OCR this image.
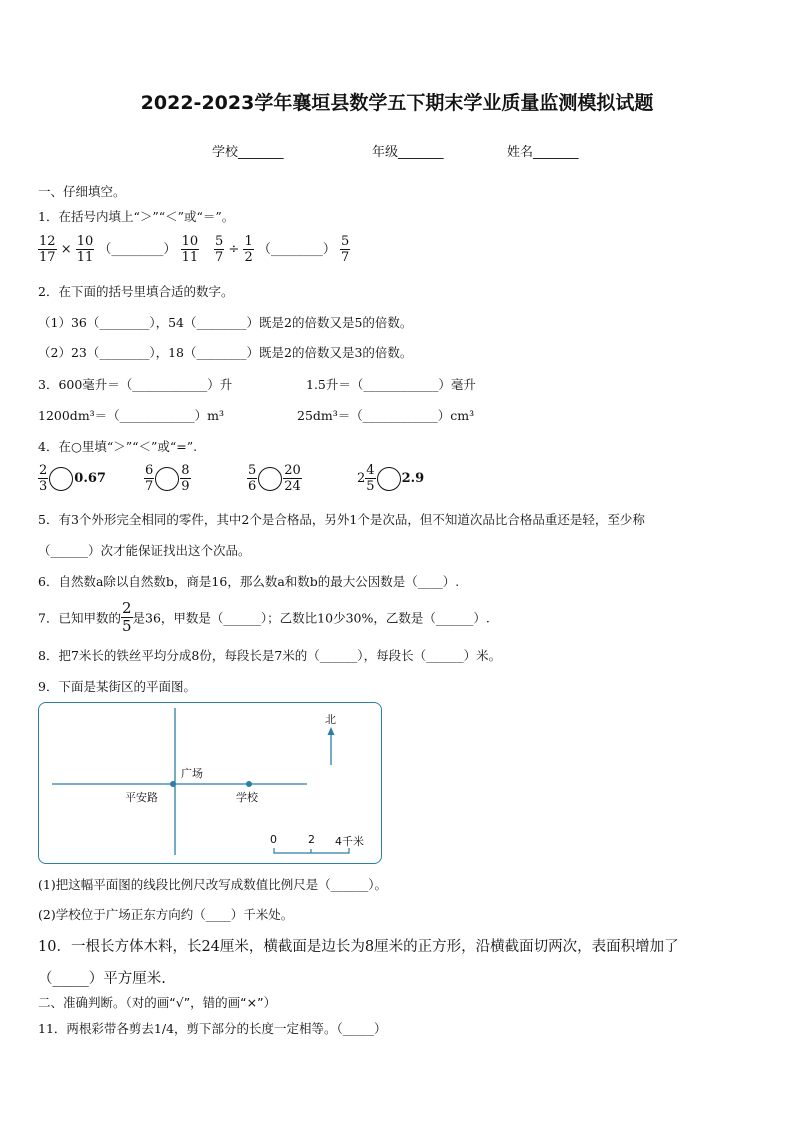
2022-2023学年襄垣县数学五下期末学业质量监测模拟试题
学校_______	年级_______	姓名_______
一、仔细填空。
1．在括号内填上“＞”“＜”或“＝”。
$\frac{12}{17} \times \frac{10}{11}$ （________） $\frac{10}{11} \frac{5}{7} \div \frac{1}{2}$ （________） $\frac{5}{7}$
2．在下面的括号里填合适的数字。
（1）36（________），54（________）既是2的倍数又是5的倍数。
（2）23（________），18（________）既是2的倍数又是3的倍数。
3．600毫升＝（____________）升	1.5升＝（____________）毫升
1200dm³＝（____________）m³	25dm³＝（____________）cm³
4．在○里填“＞”“＜”或“=”.
$\frac{2}{3} 0.67$	$\frac{6}{7} \frac{8}{9}$	$\frac{5}{6} \frac{20}{24}$	$2 \frac{4}{5} 2.9$
5．有3个外形完全相同的零件，其中2个是合格品，另外1个是次品，但不知道次品比合格品重还是轻，至少称
（______）次才能保证找出这个次品。
6．自然数a除以自然数b，商是16，那么数a和数b的最大公因数是（____）.
7．已知甲数的 $\frac{2}{5}$ 是36，甲数是（______）；乙数比10少30%，乙数是（______）.
8．把7米长的铁丝平均分成8份，每段长是7米的（______），每段长（______）米。
9．下面是某街区的平面图。
北
广场
平安路	学校
0	2 4千米
(1)把这幅平面图的线段比例尺改写成数值比例尺是（______）。
(2)学校位于广场正东方向约（____）千米处。
10．一根长方体木料，长24厘米，横截面是边长为8厘米的正方形，沿横截面切两次，表面积增加了
（_____）平方厘米.
二、准确判断。（对的画“√”，错的画“×”）
11．两根彩带各剪去1/4，剪下部分的长度一定相等。（_____）
